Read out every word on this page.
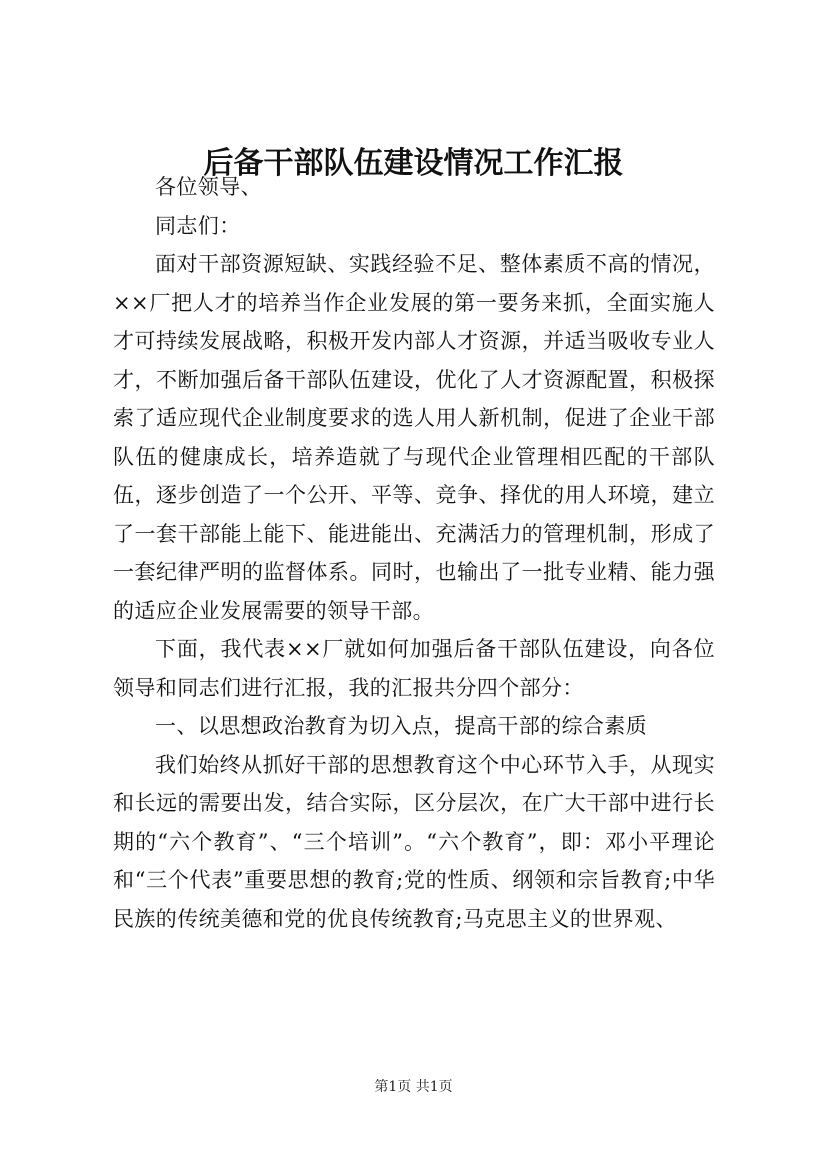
后备干部队伍建设情况工作汇报

各位领导、

同志们：

面对干部资源短缺、实践经验不足、整体素质不高的情况，××厂把人才的培养当作企业发展的第一要务来抓，全面实施人才可持续发展战略，积极开发内部人才资源，并适当吸收专业人才，不断加强后备干部队伍建设，优化了人才资源配置，积极探索了适应现代企业制度要求的选人用人新机制，促进了企业干部队伍的健康成长，培养造就了与现代企业管理相匹配的干部队伍，逐步创造了一个公开、平等、竞争、择优的用人环境，建立了一套干部能上能下、能进能出、充满活力的管理机制，形成了一套纪律严明的监督体系。同时，也输出了一批专业精、能力强的适应企业发展需要的领导干部。

下面，我代表××厂就如何加强后备干部队伍建设，向各位领导和同志们进行汇报，我的汇报共分四个部分：

一、以思想政治教育为切入点，提高干部的综合素质

我们始终从抓好干部的思想教育这个中心环节入手，从现实和长远的需要出发，结合实际，区分层次，在广大干部中进行长期的“六个教育”、“三个培训”。“六个教育”，即：邓小平理论和“三个代表”重要思想的教育;党的性质、纲领和宗旨教育;中华民族的传统美德和党的优良传统教育;马克思主义的世界观、

第1页 共1页
